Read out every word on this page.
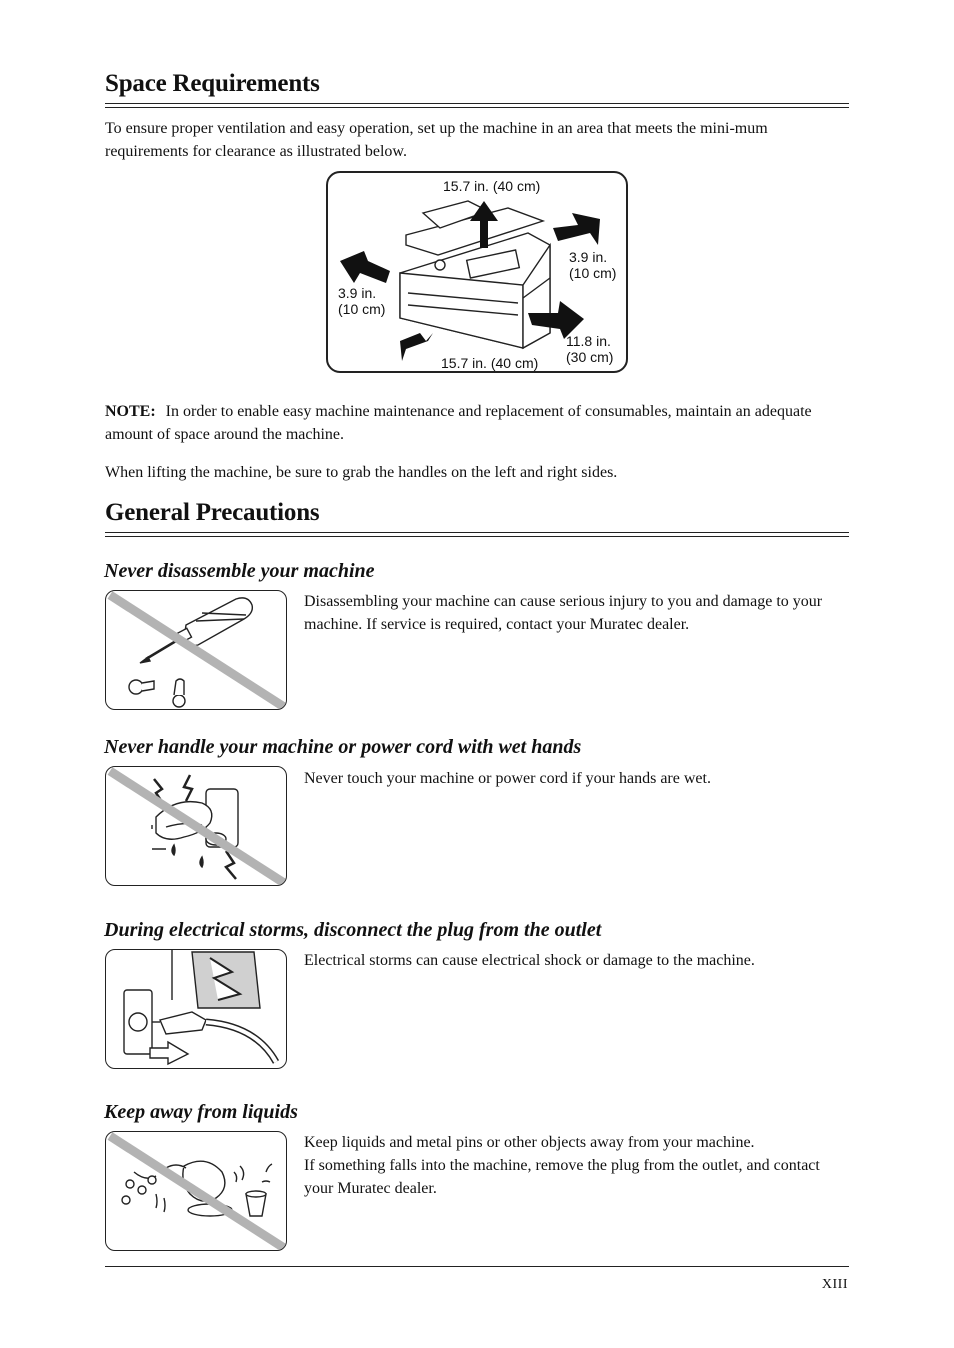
Space Requirements

To ensure proper ventilation and easy operation, set up the machine in an area that meets the mini-mum requirements for clearance as illustrated below.

15.7 in. (40 cm)
15.7 in. (40 cm)
3.9 in.
(10 cm)
3.9 in.
(10 cm)
11.8 in.
(30 cm)

NOTE: In order to enable easy machine maintenance and replacement of consumables, maintain an adequate amount of space around the machine.

When lifting the machine, be sure to grab the handles on the left and right sides.

General Precautions
Never disassemble your machine

Disassembling your machine can cause serious injury to you and damage to your machine. If service is required, contact your Muratec dealer.

Never handle your machine or power cord with wet hands

Never touch your machine or power cord if your hands are wet.

During electrical storms, disconnect the plug from the outlet

Electrical storms can cause electrical shock or damage to the machine.

Keep away from liquids

Keep liquids and metal pins or other objects away from your machine.
If something falls into the machine, remove the plug from the outlet, and contact your Muratec dealer.

XIII
